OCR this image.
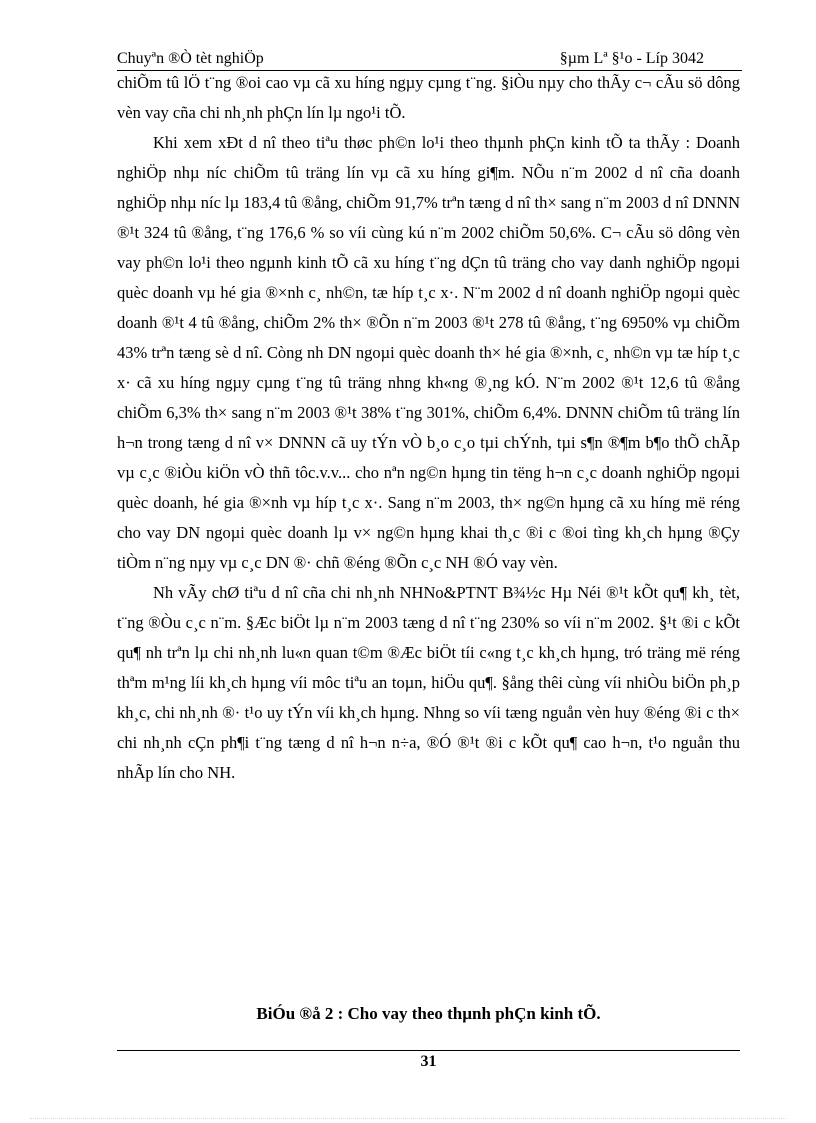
Chuyªn ®Ò tèt nghiÖp	§µm Lª §¹o - Líp 3042

chiÕm tû lÖ t¨ng ®oi cao vµ cã xu híng ngµy cµng t¨ng. §iÒu nµy cho thÃy c¬ cÃu sö dông vèn vay cña chi nh¸nh phÇn lín lµ ngo¹i tÕ.

Khi xem xÐt d nî theo tiªu thøc ph©n lo¹i theo thµnh phÇn kinh tÕ ta thÃy : Doanh nghiÖp nhµ níc chiÕm tû träng lín vµ cã xu híng gi¶m. NÕu n¨m 2002 d nî cña doanh nghiÖp nhµ níc lµ 183,4 tû ®ång, chiÕm 91,7% trªn tæng d nî th× sang n¨m 2003 d nî DNNN ®¹t 324 tû ®ång, t¨ng 176,6 % so víi cùng kú n¨m 2002 chiÕm 50,6%. C¬ cÃu sö dông vèn vay ph©n lo¹i theo ngµnh kinh tÕ cã xu híng t¨ng dÇn tû träng cho vay danh nghiÖp ngoµi quèc doanh vµ hé gia ®×nh c¸ nh©n, tæ híp t¸c x·. N¨m 2002 d nî doanh nghiÖp ngoµi quèc doanh ®¹t 4 tû ®ång, chiÕm 2% th× ®Õn n¨m 2003 ®¹t 278 tû ®ång, t¨ng 6950% vµ chiÕm 43% trªn tæng sè d nî. Còng nh DN ngoµi quèc doanh th× hé gia ®×nh, c¸ nh©n vµ tæ híp t¸c x· cã xu híng ngµy cµng t¨ng tû träng nhng kh«ng ®¸ng kÓ. N¨m 2002 ®¹t 12,6 tû ®ång chiÕm 6,3% th× sang n¨m 2003 ®¹t 38% t¨ng 301%, chiÕm 6,4%. DNNN chiÕm tû träng lín h¬n trong tæng d nî v× DNNN cã uy tÝn vÒ b¸o c¸o tµi chÝnh, tµi s¶n ®¶m b¶o thÕ chÃp vµ c¸c ®iÒu kiÖn vÒ thñ tôc.v.v... cho nªn ng©n hµng tin tëng h¬n c¸c doanh nghiÖp ngoµi quèc doanh, hé gia ®×nh vµ híp t¸c x·. Sang n¨m 2003, th× ng©n hµng cã xu híng më réng cho vay DN ngoµi quèc doanh lµ v× ng©n hµng khai th¸c ®i c ®oi tìng kh¸ch hµng ®Çy tiÒm n¨ng nµy vµ c¸c DN ®· chñ ®éng ®Õn c¸c NH ®Ó vay vèn.

Nh vÃy chØ tiªu d nî cña chi nh¸nh NHNo&PTNT B¾½c Hµ Néi ®¹t kÕt qu¶ kh¸ tèt, t¨ng ®Òu c¸c n¨m. §Æc biÖt lµ n¨m 2003 tæng d nî t¨ng 230% so víi n¨m 2002. §¹t ®i c kÕt qu¶ nh trªn lµ chi nh¸nh lu«n quan t©m ®Æc biÖt tíi c«ng t¸c kh¸ch hµng, tró träng më réng thªm m¹ng líi kh¸ch hµng víi môc tiªu an toµn, hiÖu qu¶. §ång thêi cùng víi nhiÒu biÖn ph¸p kh¸c, chi nh¸nh ®· t¹o uy tÝn víi kh¸ch hµng. Nhng so víi tæng nguån vèn huy ®éng ®i c th× chi nh¸nh cÇn ph¶i t¨ng tæng d nî h¬n n÷a, ®Ó ®¹t ®i c kÕt qu¶ cao h¬n, t¹o nguån thu nhÃp lín cho NH.

BiÓu ®å 2 : Cho vay theo thµnh phÇn kinh tÕ.
31
